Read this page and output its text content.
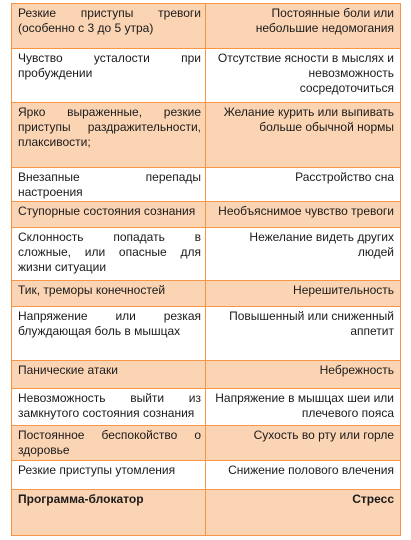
Резкие приступы тревоги (особенно с 3 до 5 утра)	Постоянные боли или небольшие недомогания
Чувство усталости при пробуждении	Отсутствие ясности в мыслях и невозможность сосредоточиться
Ярко выраженные, резкие приступы раздражительности, плаксивости;	Желание курить или выпивать больше обычной нормы
Внезапные перепады настроения	Расстройство сна
Ступорные состояния сознания	Необъяснимое чувство тревоги
Склонность попадать в сложные, или опасные для жизни ситуации	Нежелание видеть других людей
Тик, треморы конечностей	Нерешительность
Напряжение или резкая блуждающая боль в мышцах	Повышенный или сниженный аппетит
Панические атаки	Небрежность
Невозможность выйти из замкнутого состояния сознания	Напряжение в мышцах шеи или плечевого пояса
Постоянное беспокойство о здоровье	Сухость во рту или горле
Резкие приступы утомления	Снижение полового влечения
Программа-блокатор	Стресс
